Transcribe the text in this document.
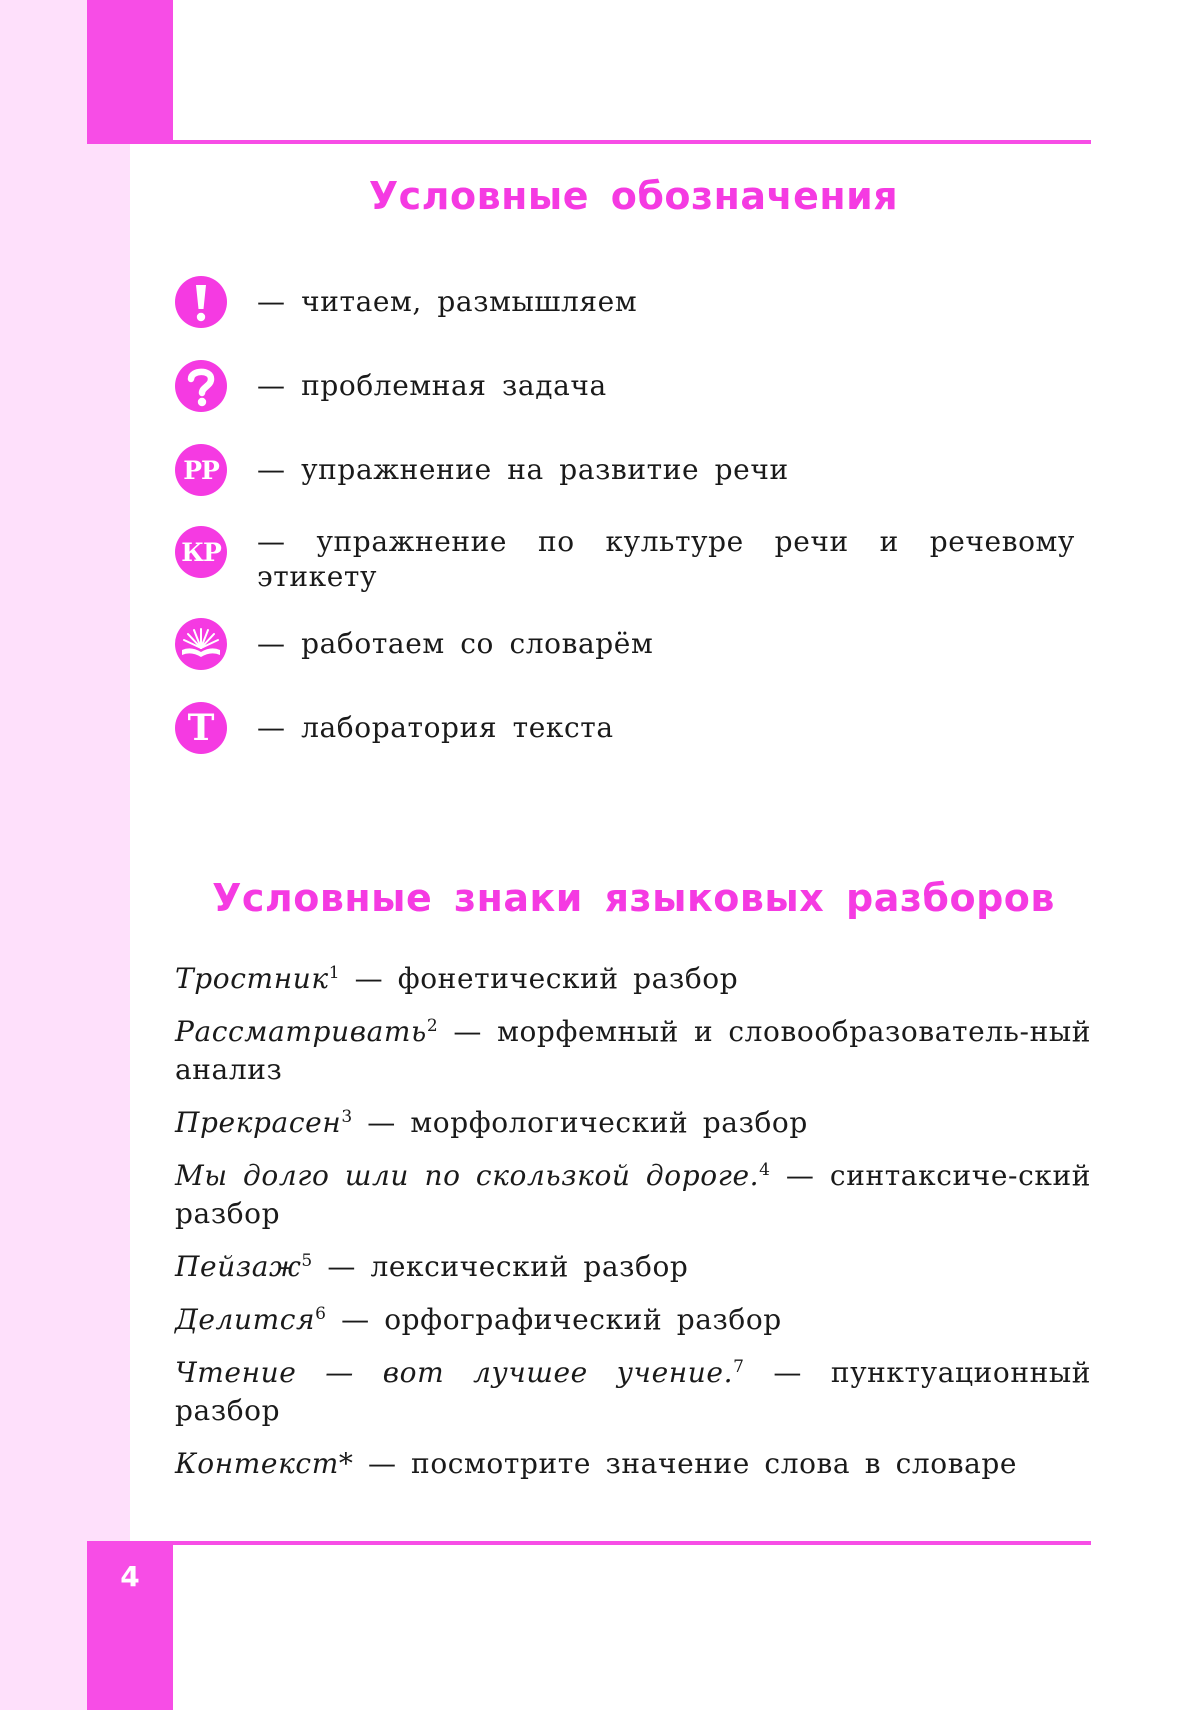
4
Условные обозначения
— читаем, размышляем
— проблемная задача
РР — упражнение на развитие речи
КР — упражнение по культуре речи и речевому этикету
— работаем со словарём
Т	— лаборатория текста
Условные знаки языковых разборов
Тростник$^1$ — фонетический разбор
Рассматривать$^2$ — морфемный и словообразователь-ный анализ
Прекрасен$^3$ — морфологический разбор
Мы долго шли по скользкой дороге.$^4$ — синтаксиче-ский разбор
Пейзаж$^5$ — лексический разбор
Делится$^6$ — орфографический разбор
Чтение — вот лучшее учение.$^7$ — пунктуационный разбор
Контекст* — посмотрите значение слова в словаре
